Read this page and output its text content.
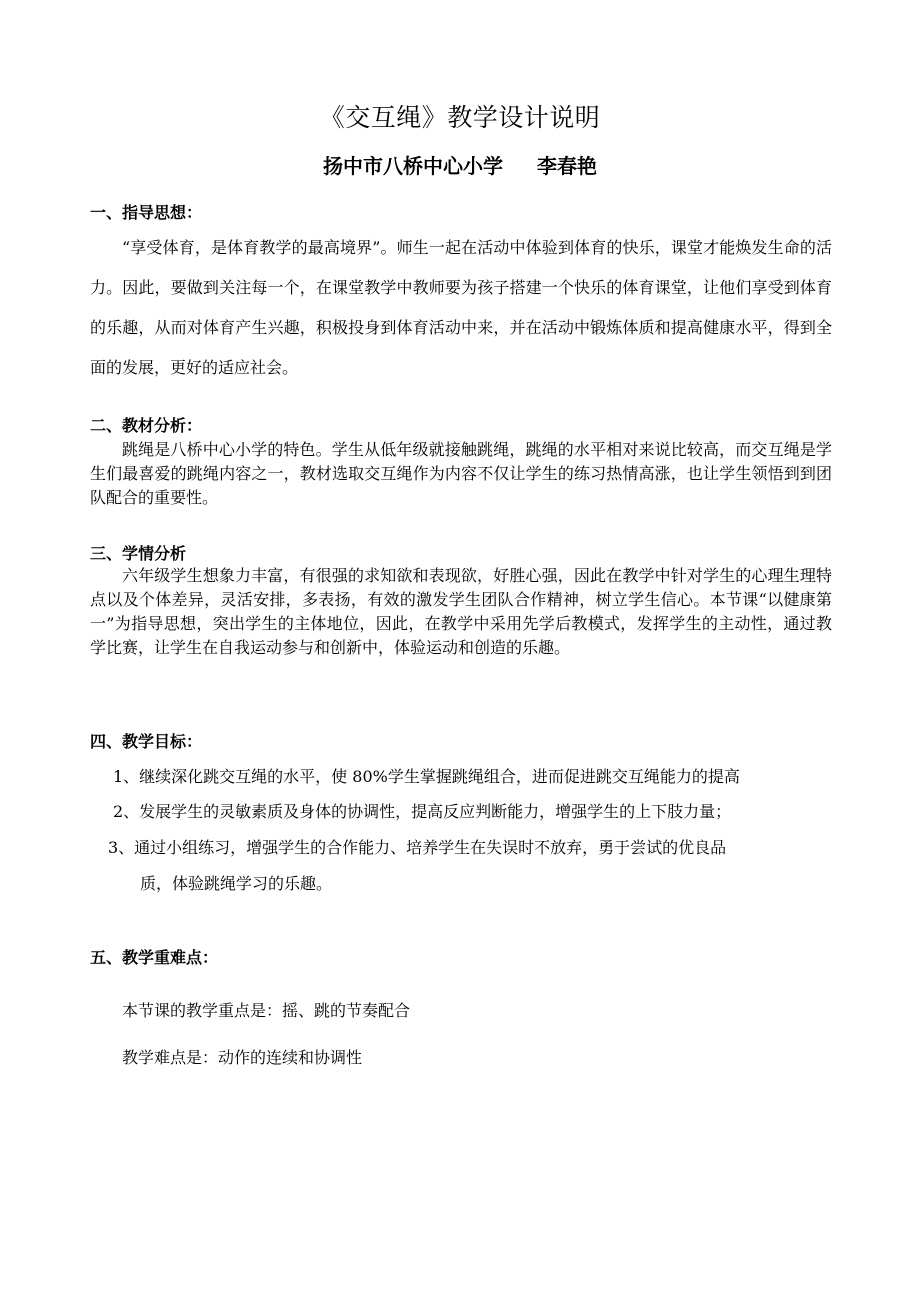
《交互绳》教学设计说明
扬中市八桥中心小学 李春艳
一、指导思想：
“享受体育，是体育教学的最高境界”。师生一起在活动中体验到体育的快乐，课堂才能焕发生命的活力。因此，要做到关注每一个，在课堂教学中教师要为孩子搭建一个快乐的体育课堂，让他们享受到体育的乐趣，从而对体育产生兴趣，积极投身到体育活动中来，并在活动中锻炼体质和提高健康水平，得到全面的发展，更好的适应社会。
二、教材分析：
跳绳是八桥中心小学的特色。学生从低年级就接触跳绳，跳绳的水平相对来说比较高，而交互绳是学生们最喜爱的跳绳内容之一，教材选取交互绳作为内容不仅让学生的练习热情高涨，也让学生领悟到到团队配合的重要性。
三、学情分析
六年级学生想象力丰富，有很强的求知欲和表现欲，好胜心强，因此在教学中针对学生的心理生理特点以及个体差异，灵活安排，多表扬，有效的激发学生团队合作精神，树立学生信心。本节课“以健康第一”为指导思想，突出学生的主体地位，因此，在教学中采用先学后教模式，发挥学生的主动性，通过教学比赛，让学生在自我运动参与和创新中，体验运动和创造的乐趣。
四、教学目标：
1、继续深化跳交互绳的水平，使 80%学生掌握跳绳组合，进而促进跳交互绳能力的提高
2、发展学生的灵敏素质及身体的协调性，提高反应判断能力，增强学生的上下肢力量；
3、通过小组练习，增强学生的合作能力、培养学生在失误时不放弃，勇于尝试的优良品
质，体验跳绳学习的乐趣。
五、教学重难点：
本节课的教学重点是：摇、跳的节奏配合
教学难点是：动作的连续和协调性
